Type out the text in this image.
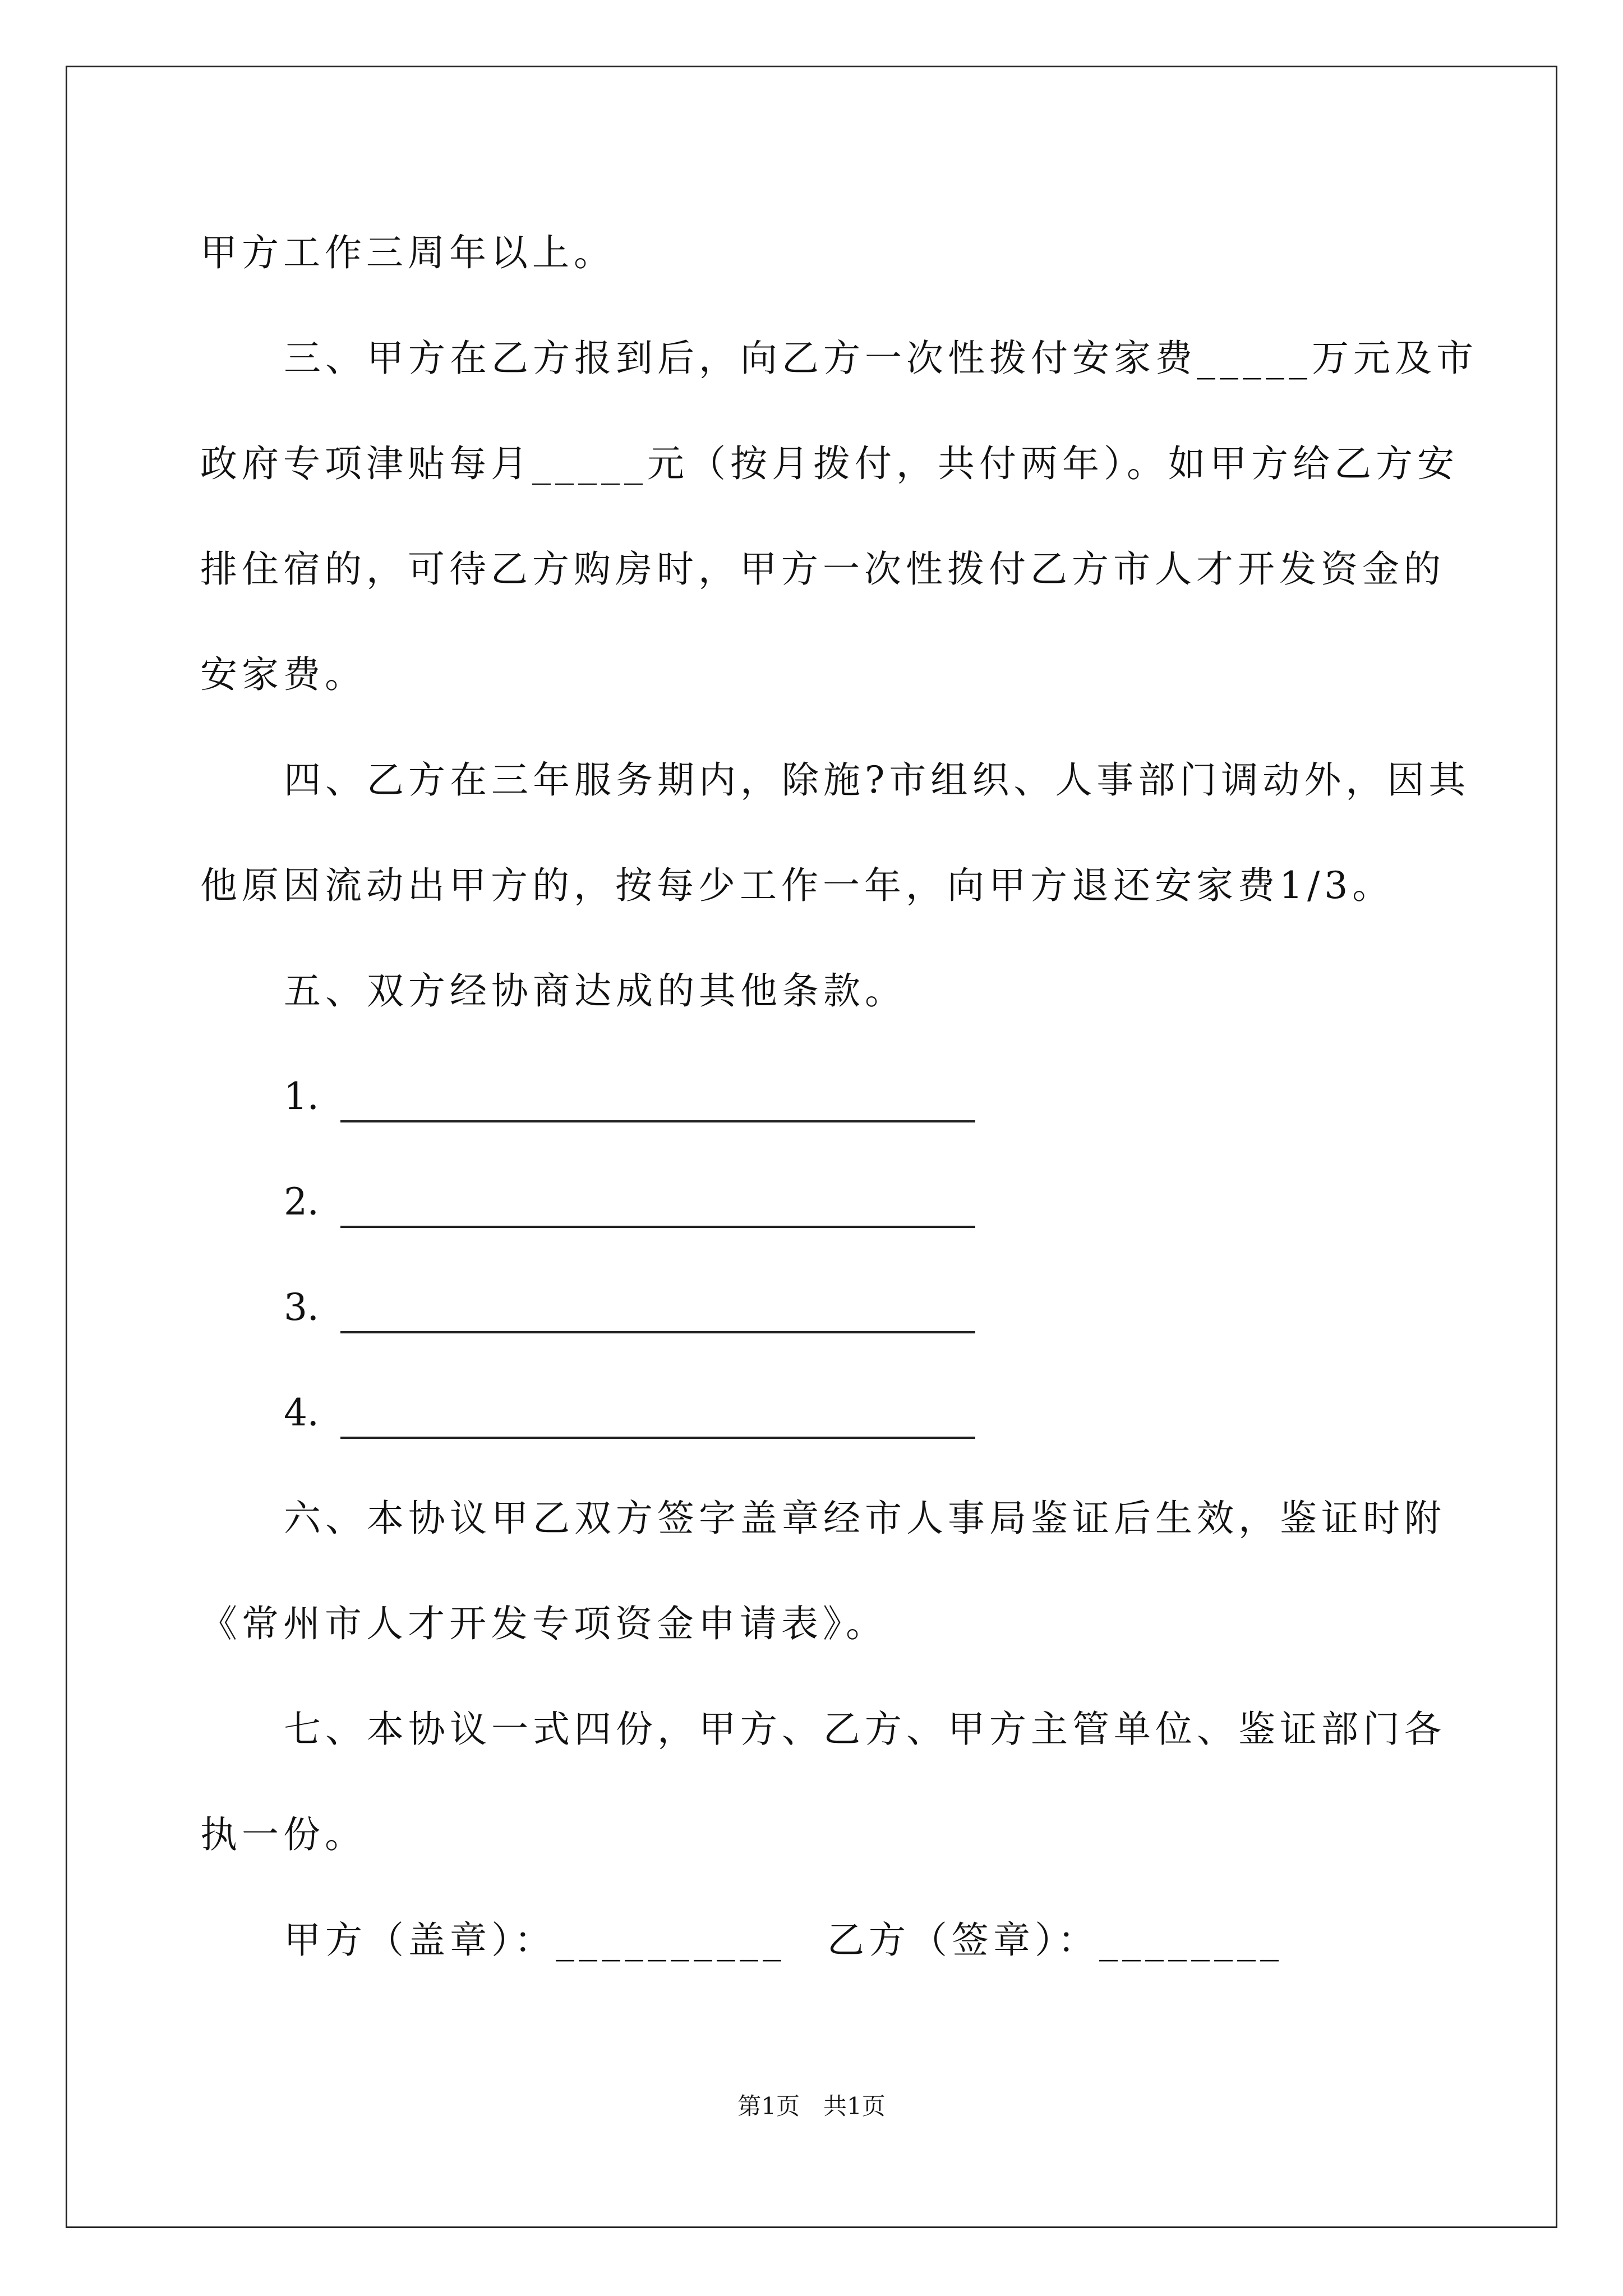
甲方工作三周年以上。
三、甲方在乙方报到后，向乙方一次性拨付安家费_____万元及市
政府专项津贴每月_____元（按月拨付，共付两年）。如甲方给乙方安
排住宿的，可待乙方购房时，甲方一次性拨付乙方市人才开发资金的
安家费。
四、乙方在三年服务期内，除施?市组织、人事部门调动外，因其
他原因流动出甲方的，按每少工作一年，向甲方退还安家费1/3。
五、双方经协商达成的其他条款。
1．
2．
3．
4．
六、本协议甲乙双方签字盖章经市人事局鉴证后生效，鉴证时附
《常州市人才开发专项资金申请表》。
七、本协议一式四份，甲方、乙方、甲方主管单位、鉴证部门各
执一份。
甲方（盖章）：__________　乙方（签章）：________
第1页　共1页
